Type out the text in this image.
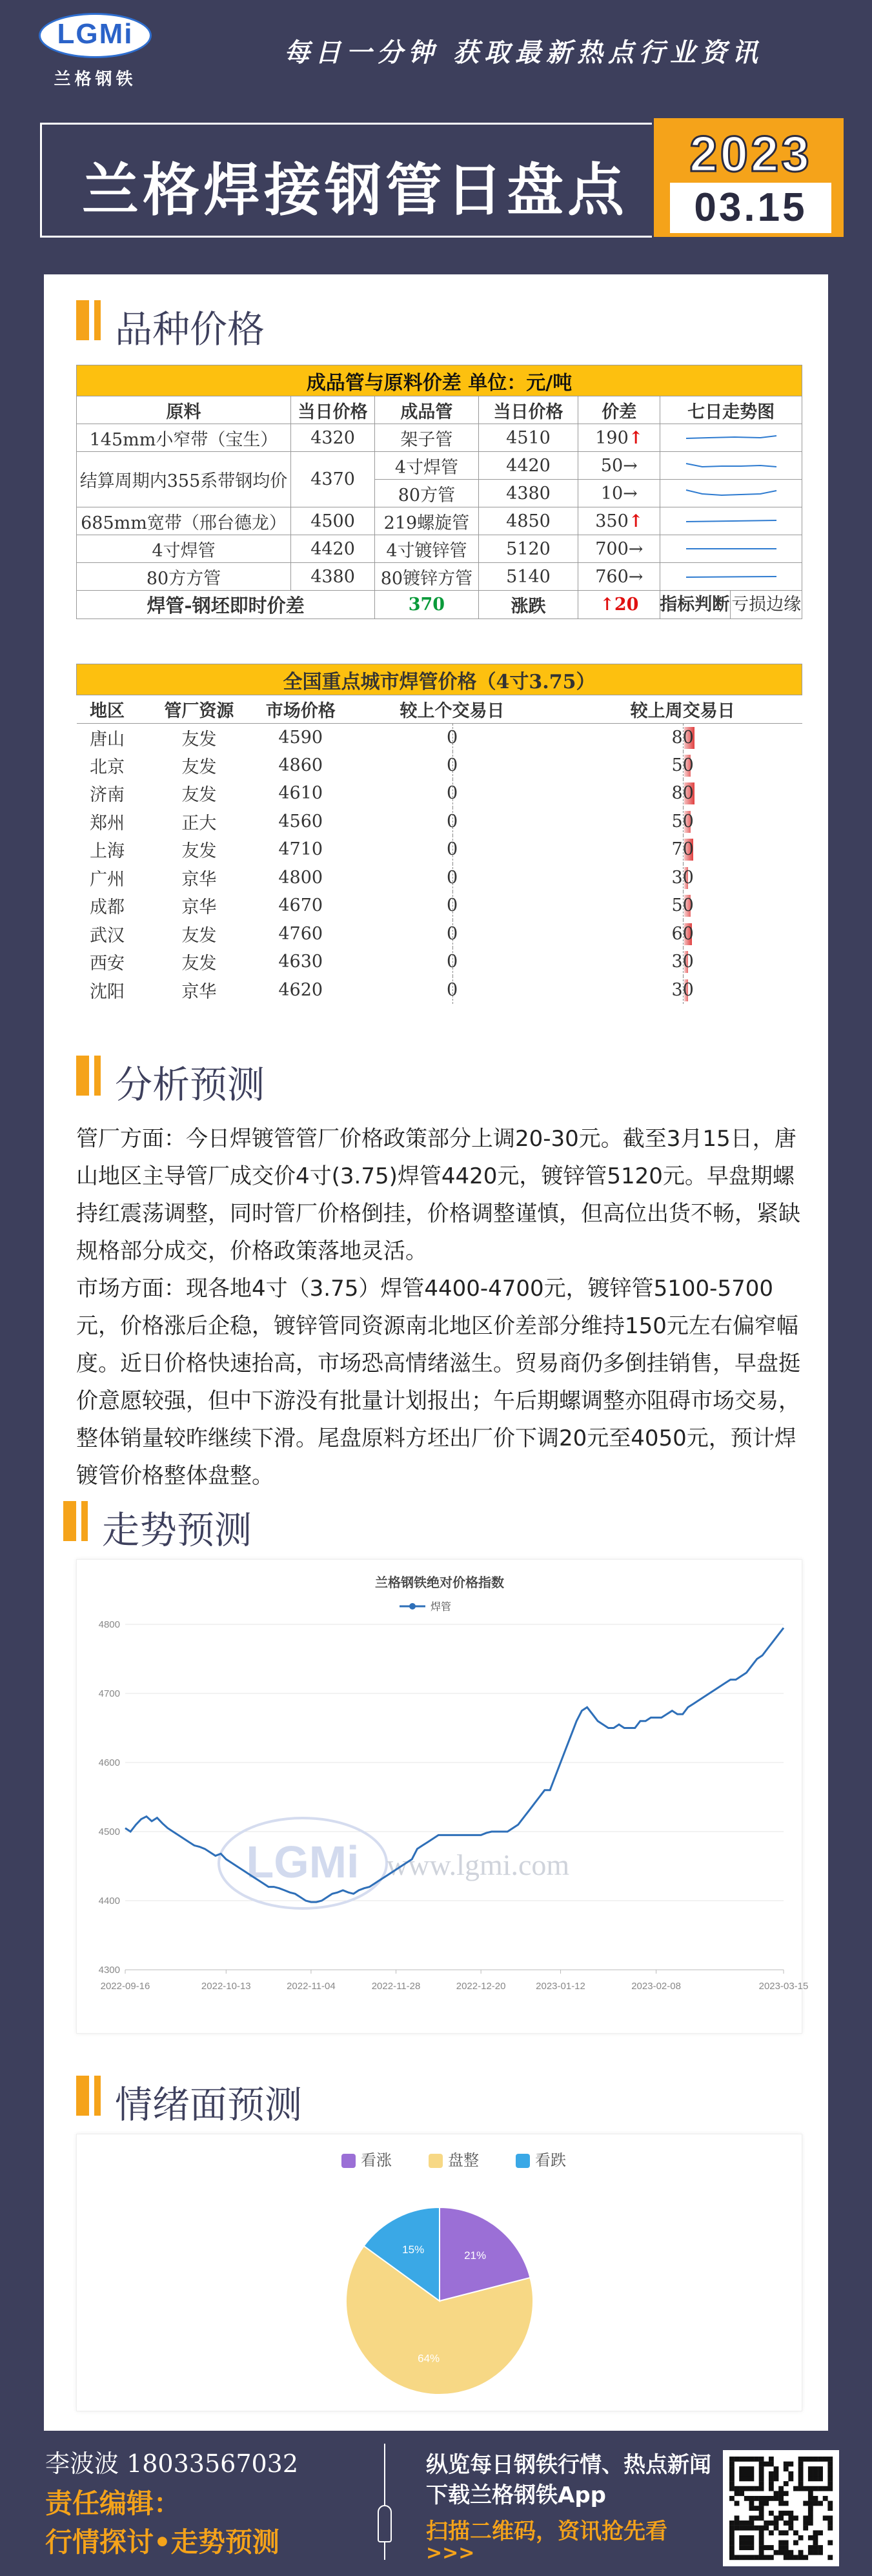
LGMi
兰格钢铁
每日一分钟 获取最新热点行业资讯
兰格焊接钢管日盘点
2023
03.15
品种价格
成品管与原料价差 单位：元/吨					
原料	当日价格	成品管	当日价格	价差	七日走势图
145mm小窄带（宝生）	4320	架子管	4510	190↑	

结算周期内355系带钢均价	4370	4寸焊管	4420	50→	

		80方管	4380	10→	

685mm宽带（邢台德龙）	4500	219螺旋管	4850	350↑	

4寸焊管	4420	4寸镀锌管	5120	700→	

80方方管	4380	80镀锌方管	5140	760→	

焊管-钢坯即时价差		370	涨跌	↑20	指标判断 亏损边缘
全国重点城市焊管价格（4寸3.75）				
地区	管厂资源	市场价格	较上个交易日	较上周交易日
唐山	友发	4590	0	80
北京	友发	4860	0	50
济南	友发	4610	0	80
郑州	正大	4560	0	50
上海	友发	4710	0	70
广州	京华	4800	0	30
成都	京华	4670	0	50
武汉	友发	4760	0	60
西安	友发	4630	0	30
沈阳	京华	4620	0	30
分析预测

管厂方面：今日焊镀管管厂价格政策部分上调20-30元。截至3月15日，唐山地区主导管厂成交价4寸(3.75)焊管4420元，镀锌管5120元。早盘期螺持红震荡调整，同时管厂价格倒挂，价格调整谨慎，但高位出货不畅，紧缺规格部分成交，价格政策落地灵活。

市场方面：现各地4寸（3.75）焊管4400-4700元，镀锌管5100-5700元，价格涨后企稳，镀锌管同资源南北地区价差部分维持150元左右偏窄幅度。近日价格快速抬高，市场恐高情绪滋生。贸易商仍多倒挂销售，早盘挺价意愿较强，但中下游没有批量计划报出；午后期螺调整亦阻碍市场交易，整体销量较昨继续下滑。尾盘原料方坯出厂价下调20元至4050元，预计焊镀管价格整体盘整。

走势预测
4300
4400
4500
4600
4700
4800
2022-09-16	2022-10-13	2022-11-04	2022-11-28	2022-12-20	2023-01-12	2023-02-08	2023-03-15
兰格钢铁绝对价格指数
焊管
LGMi www.lgmi.com
情绪面预测
看涨	盘整	看跌
21%
64%
15%
李波波 18033567032
责任编辑：
行情探讨•走势预测
纵览每日钢铁行情、热点新闻
下载兰格钢铁App
扫描二维码，资讯抢先看
>>>
